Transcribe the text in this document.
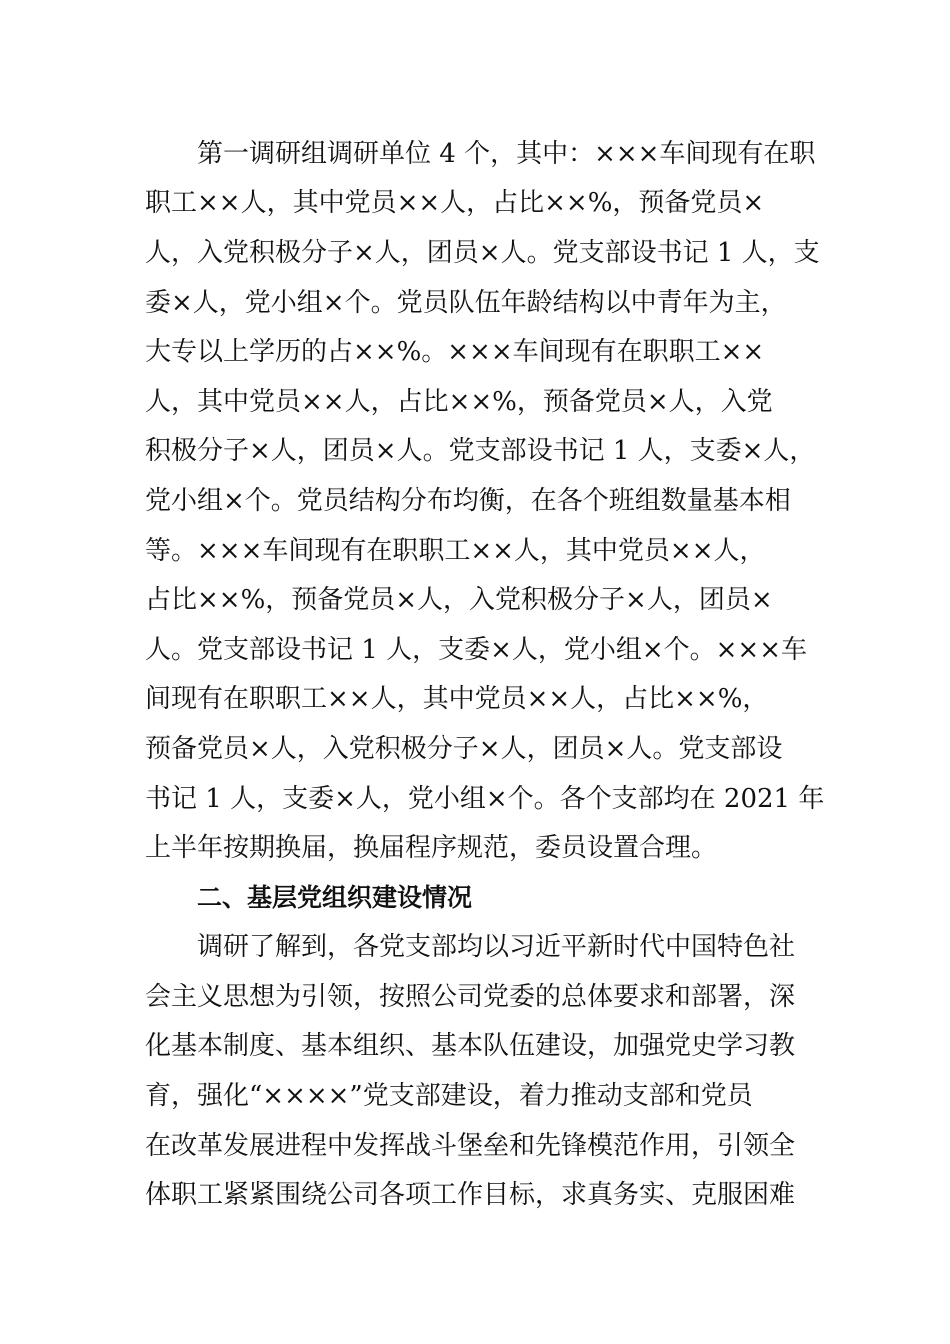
第一调研组调研单位 4 个，其中：×××车间现有在职
职工××人，其中党员××人，占比××%，预备党员×
人，入党积极分子×人，团员×人。党支部设书记 1 人，支
委×人，党小组×个。党员队伍年龄结构以中青年为主，
大专以上学历的占××%。×××车间现有在职职工××
人，其中党员××人，占比××%，预备党员×人，入党
积极分子×人，团员×人。党支部设书记 1 人，支委×人，
党小组×个。党员结构分布均衡，在各个班组数量基本相
等。×××车间现有在职职工××人，其中党员××人，
占比××%，预备党员×人，入党积极分子×人，团员×
人。党支部设书记 1 人，支委×人，党小组×个。×××车
间现有在职职工××人，其中党员××人，占比××%，
预备党员×人，入党积极分子×人，团员×人。党支部设
书记 1 人，支委×人，党小组×个。各个支部均在 2021 年
上半年按期换届，换届程序规范，委员设置合理。
二、基层党组织建设情况
调研了解到，各党支部均以习近平新时代中国特色社
会主义思想为引领，按照公司党委的总体要求和部署，深
化基本制度、基本组织、基本队伍建设，加强党史学习教
育，强化“××××”党支部建设，着力推动支部和党员
在改革发展进程中发挥战斗堡垒和先锋模范作用，引领全
体职工紧紧围绕公司各项工作目标，求真务实、克服困难
